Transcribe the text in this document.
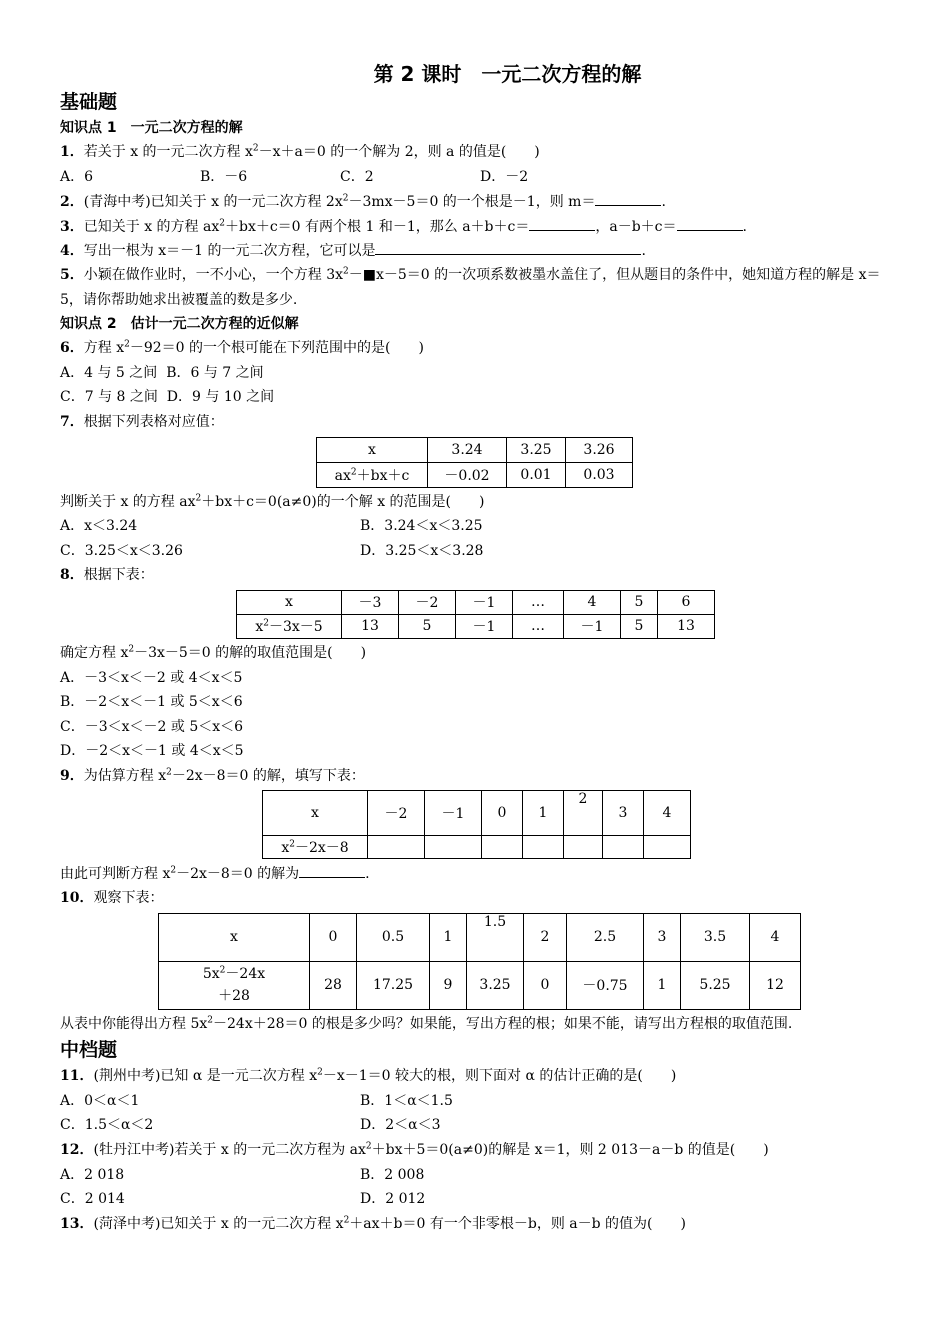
第 2 课时　一元二次方程的解
基础题
知识点 1　一元二次方程的解
1．若关于 x 的一元二次方程 $x^2-x+a=0$ 的一个解为 2，则 a 的值是(　　)
A．6	B．－6	C．2	D．－2
2．(青海中考)已知关于 x 的一元二次方程 $2x^2-3mx-5=0$ 的一个根是－1，则 m＝	.
3．已知关于 x 的方程 $ax^2+bx+c=0$ 有两个根 1 和－1，那么 a＋b＋c＝	，a－b＋c＝	.
4．写出一根为 x＝－1 的一元二次方程，它可以是	.
5．小颖在做作业时，一不小心，一个方程 $3x^2-■x-5=0$ 的一次项系数被墨水盖住了，但从题目的条件中，她知道方程的解是 x＝5，请你帮助她求出被覆盖的数是多少.
知识点 2　估计一元二次方程的近似解
6．方程 $x^2-92=0$ 的一个根可能在下列范围中的是(　　)
A．4 与 5 之间 B．6 与 7 之间
C．7 与 8 之间 D．9 与 10 之间
7．根据下列表格对应值：
x	3.24	3.25	3.26
$ax^2+bx+c$	－0.02	0.01	0.03
判断关于 x 的方程 $ax^2+bx+c=0(a\ne 0)$的一个解 x 的范围是(　　)
A．x＜3.24	B．3.24＜x＜3.25
C．3.25＜x＜3.26	D．3.25＜x＜3.28
8．根据下表：
x	－3	－2	－1	…	4	5	6
$x^2-3x-5$	13	5	－1	…	－1	5	13
确定方程 $x^2-3x-5=0$ 的解的取值范围是(　　)
A．－3＜x＜－2 或 4＜x＜5
B．－2＜x＜－1 或 5＜x＜6
C．－3＜x＜－2 或 5＜x＜6
D．－2＜x＜－1 或 4＜x＜5
9．为估算方程 $x^2-2x-8=0$ 的解，填写下表：
x	－2	－1	0	1	2	3	4
$x^2-2x-8$							
由此可判断方程 $x^2-2x-8=0$ 的解为	.
10．观察下表：
x	0	0.5	1	1.5	2	2.5	3	3.5	4
$5x^2-24x$
＋28	28	17.25	9	3.25	0	－0.75	1	5.25	12
从表中你能得出方程 $5x^2-24x+28=0$ 的根是多少吗？如果能，写出方程的根；如果不能，请写出方程根的取值范围.
中档题
11．(荆州中考)已知 α 是一元二次方程 $x^2-x-1=0$ 较大的根，则下面对 α 的估计正确的是(　　)
A．0＜α＜1	B．1＜α＜1.5
C．1.5＜α＜2	D．2＜α＜3
12．(牡丹江中考)若关于 x 的一元二次方程为 $ax^2+bx+5=0(a\ne 0)$的解是 x＝1，则 2 013－a－b 的值是(　　)
A．2 018	B．2 008
C．2 014	D．2 012
13．(菏泽中考)已知关于 x 的一元二次方程 $x^2+ax+b=0$ 有一个非零根－b，则 a－b 的值为(　　)
